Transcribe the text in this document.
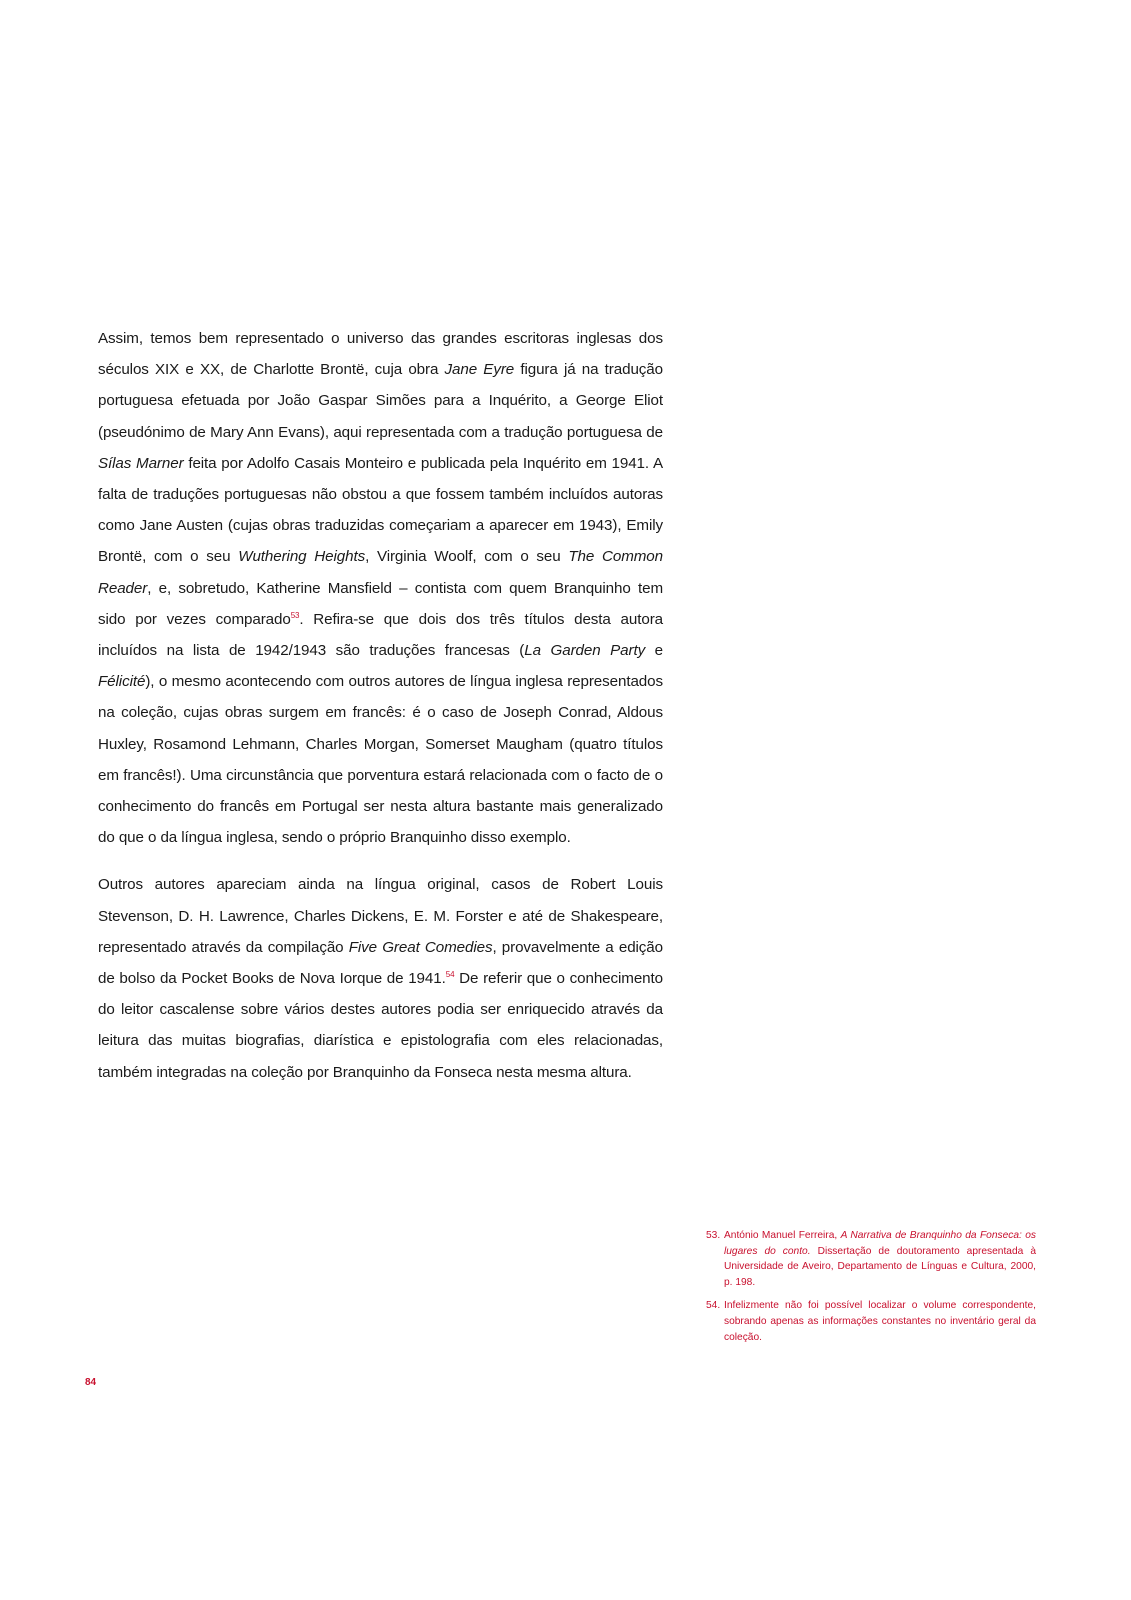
Assim, temos bem representado o universo das grandes escritoras inglesas dos séculos XIX e XX, de Charlotte Brontë, cuja obra Jane Eyre figura já na tradução portuguesa efetuada por João Gaspar Simões para a Inquérito, a George Eliot (pseudónimo de Mary Ann Evans), aqui representada com a tradução portuguesa de Sílas Marner feita por Adolfo Casais Monteiro e publicada pela Inquérito em 1941. A falta de traduções portuguesas não obstou a que fossem também incluídos autoras como Jane Austen (cujas obras traduzidas começariam a aparecer em 1943), Emily Brontë, com o seu Wuthering Heights, Virginia Woolf, com o seu The Common Reader, e, sobretudo, Katherine Mansfield – contista com quem Branquinho tem sido por vezes comparado$^{53}$. Refira-se que dois dos três títulos desta autora incluídos na lista de 1942/1943 são traduções francesas (La Garden Party e Félicité), o mesmo acontecendo com outros autores de língua inglesa representados na coleção, cujas obras surgem em francês: é o caso de Joseph Conrad, Aldous Huxley, Rosamond Lehmann, Charles Morgan, Somerset Maugham (quatro títulos em francês!). Uma circunstância que porventura estará relacionada com o facto de o conhecimento do francês em Portugal ser nesta altura bastante mais generalizado do que o da língua inglesa, sendo o próprio Branquinho disso exemplo.

Outros autores apareciam ainda na língua original, casos de Robert Louis Stevenson, D. H. Lawrence, Charles Dickens, E. M. Forster e até de Shakespeare, representado através da compilação Five Great Comedies, provavelmente a edição de bolso da Pocket Books de Nova Iorque de 1941.54 De referir que o conhecimento do leitor cascalense sobre vários destes autores podia ser enriquecido através da leitura das muitas biografias, diarística e epistolografia com eles relacionadas, também integradas na coleção por Branquinho da Fonseca nesta mesma altura.

53. António Manuel Ferreira, A Narrativa de Branquinho da Fonseca: os lugares do conto. Dissertação de doutoramento apresentada à Universidade de Aveiro, Departamento de Línguas e Cultura, 2000, p. 198.
54. Infelizmente não foi possível localizar o volume correspondente, sobrando apenas as informações constantes no inventário geral da coleção.
84
